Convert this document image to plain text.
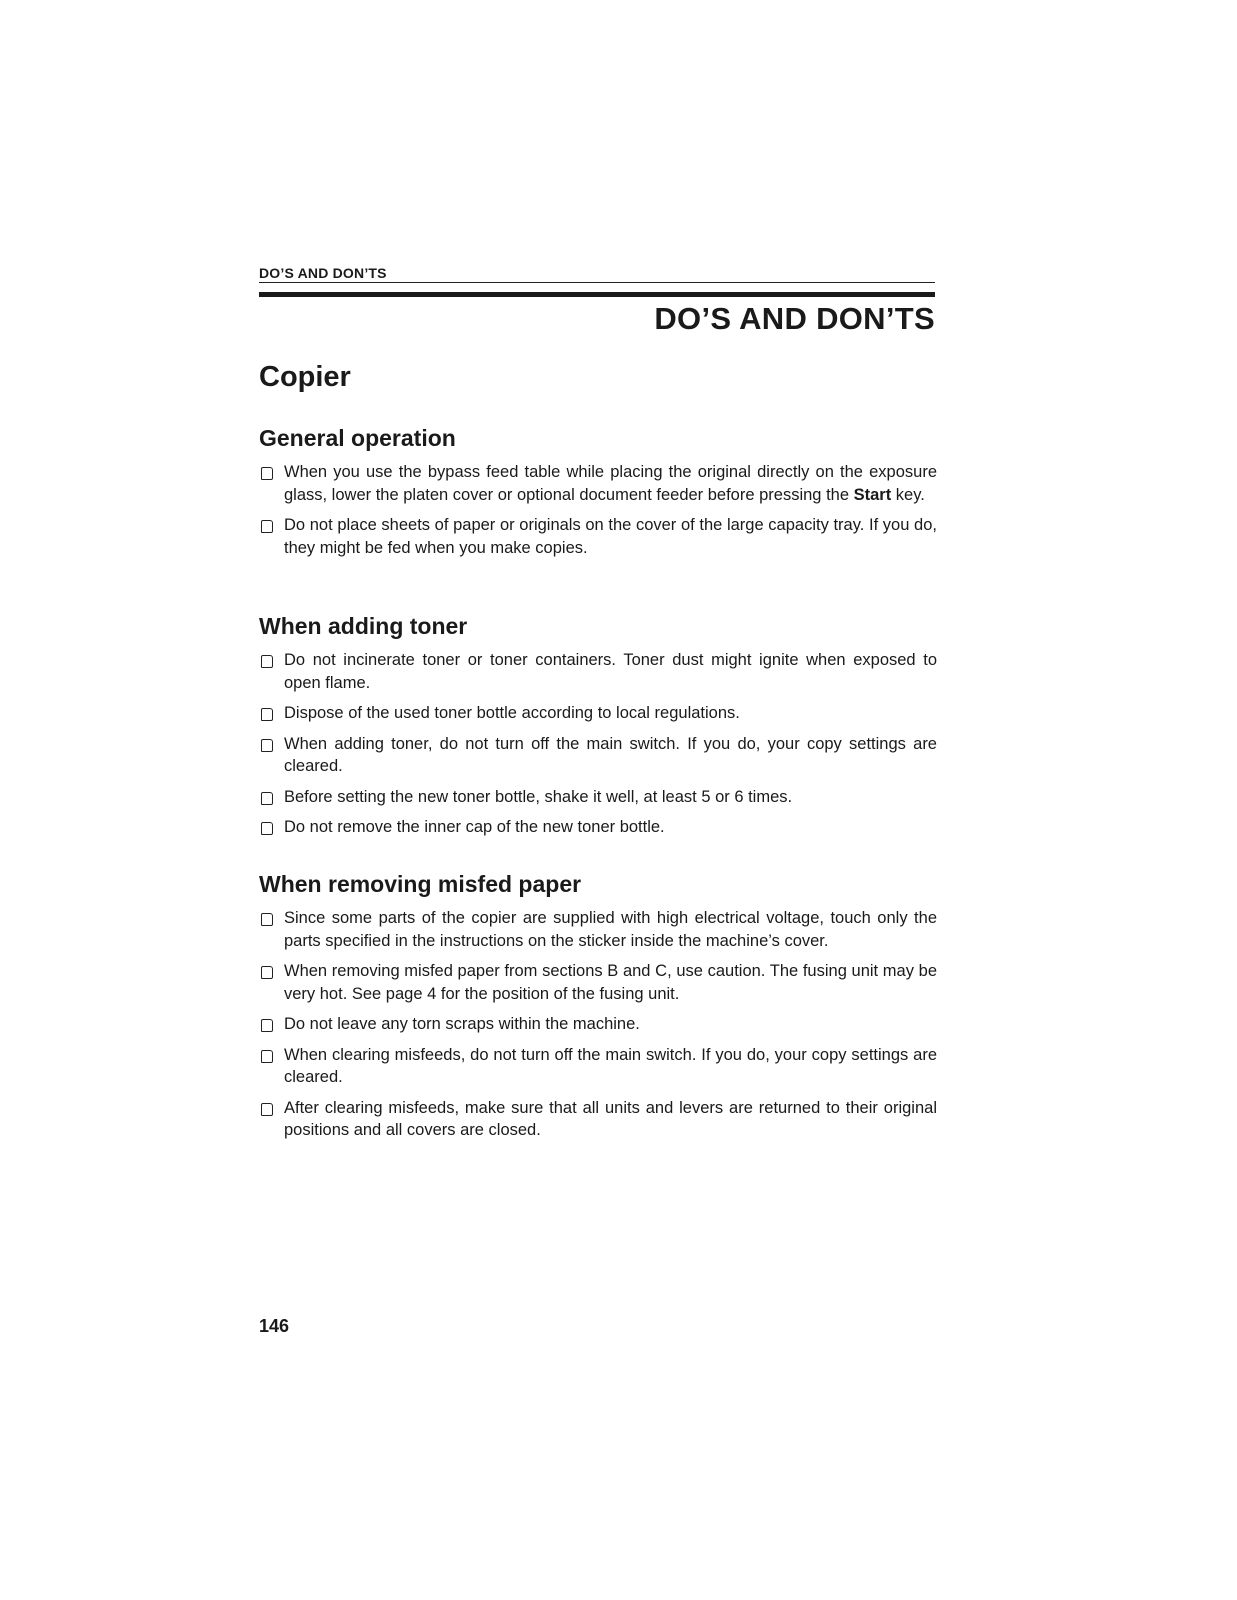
DO’S AND DON’TS
DO’S AND DON’TS
Copier
General operation
When you use the bypass feed table while placing the original directly on the exposure glass, lower the platen cover or optional document feeder before pressing the Start key.
Do not place sheets of paper or originals on the cover of the large capacity tray. If you do, they might be fed when you make copies.
When adding toner
Do not incinerate toner or toner containers. Toner dust might ignite when exposed to open flame.
Dispose of the used toner bottle according to local regulations.
When adding toner, do not turn off the main switch. If you do, your copy settings are cleared.
Before setting the new toner bottle, shake it well, at least 5 or 6 times.
Do not remove the inner cap of the new toner bottle.
When removing misfed paper
Since some parts of the copier are supplied with high electrical voltage, touch only the parts specified in the instructions on the sticker inside the machine’s cover.
When removing misfed paper from sections B and C, use caution. The fusing unit may be very hot. See page 4 for the position of the fusing unit.
Do not leave any torn scraps within the machine.
When clearing misfeeds, do not turn off the main switch. If you do, your copy settings are cleared.
After clearing misfeeds, make sure that all units and levers are returned to their original positions and all covers are closed.
146
